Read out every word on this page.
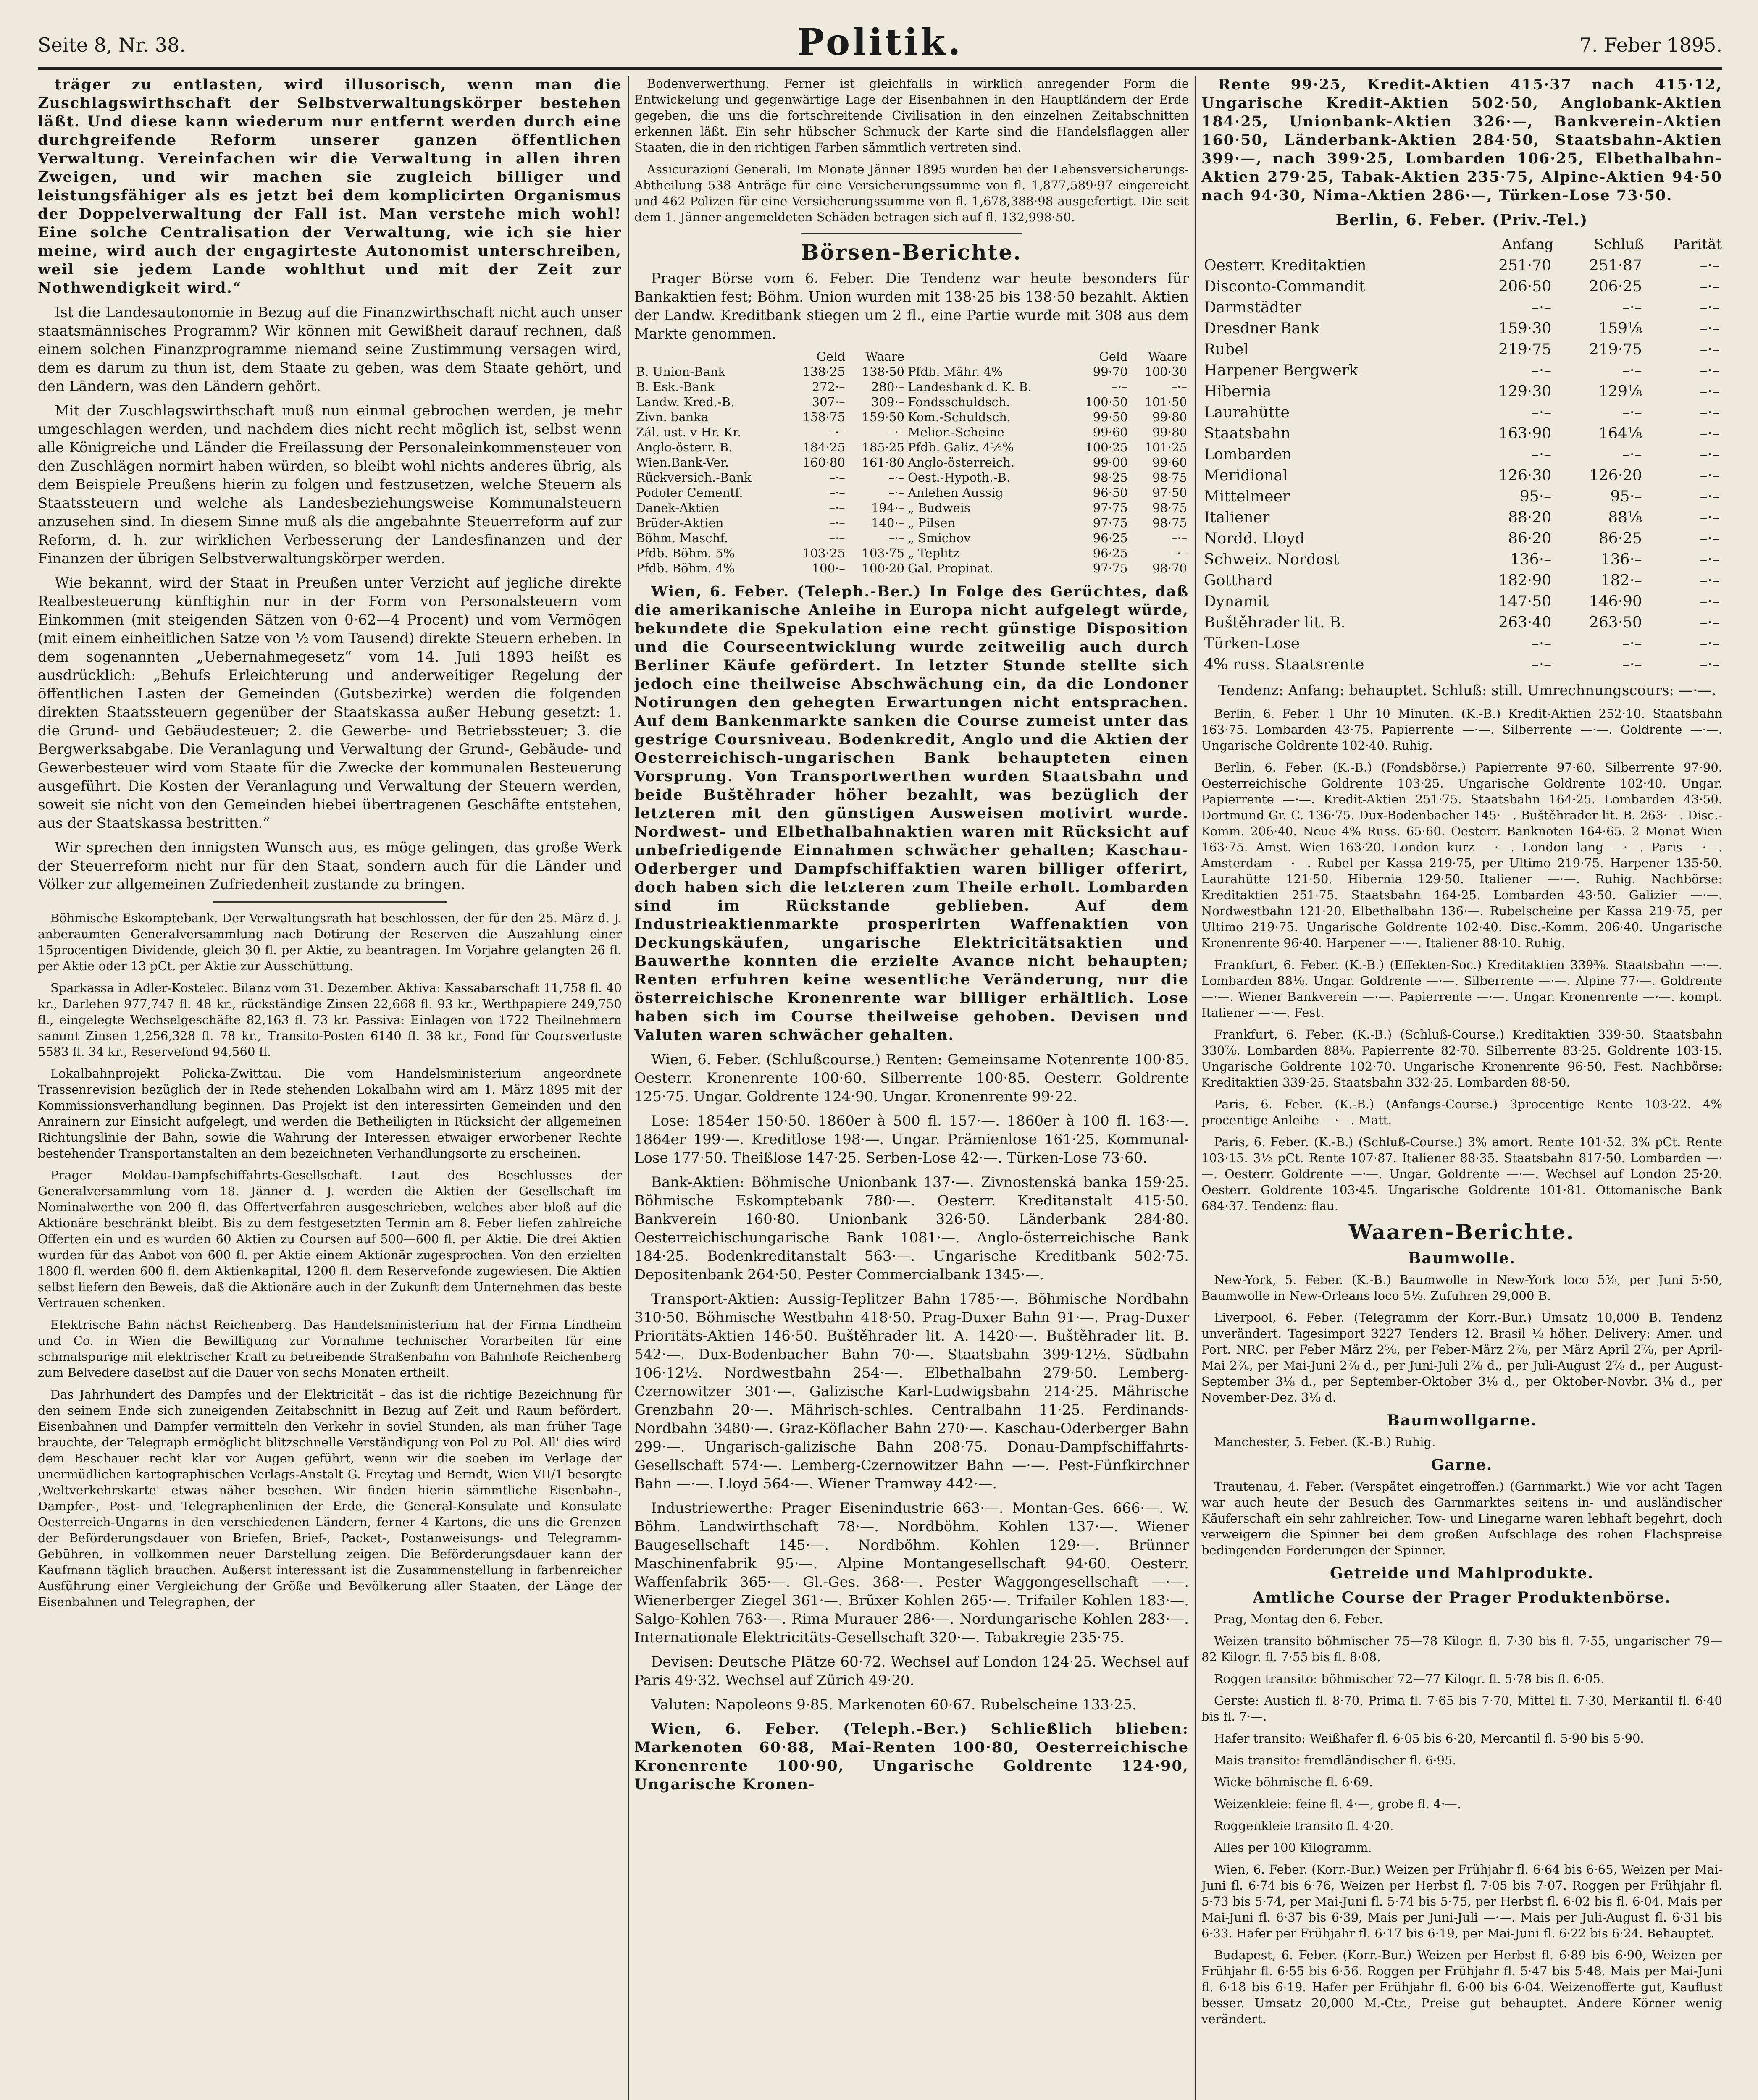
Seite 8, Nr. 38.	Politik.	7. Feber 1895.

träger zu entlasten, wird illusorisch, wenn man die Zuschlagswirthschaft der Selbstverwaltungskörper bestehen läßt. Und diese kann wiederum nur entfernt werden durch eine durchgreifende Reform unserer ganzen öffentlichen Verwaltung. Vereinfachen wir die Verwaltung in allen ihren Zweigen, und wir machen sie zugleich billiger und leistungsfähiger als es jetzt bei dem komplicirten Organismus der Doppelverwaltung der Fall ist. Man verstehe mich wohl! Eine solche Centralisation der Verwaltung, wie ich sie hier meine, wird auch der engagirteste Autonomist unterschreiben, weil sie jedem Lande wohlthut und mit der Zeit zur Nothwendigkeit wird.“

Ist die Landesautonomie in Bezug auf die Finanzwirthschaft nicht auch unser staatsmännisches Programm? Wir können mit Gewißheit darauf rechnen, daß einem solchen Finanzprogramme niemand seine Zustimmung versagen wird, dem es darum zu thun ist, dem Staate zu geben, was dem Staate gehört, und den Ländern, was den Ländern gehört.

Mit der Zuschlagswirthschaft muß nun einmal gebrochen werden, je mehr umgeschlagen werden, und nachdem dies nicht recht möglich ist, selbst wenn alle Königreiche und Länder die Freilassung der Personaleinkommensteuer von den Zuschlägen normirt haben würden, so bleibt wohl nichts anderes übrig, als dem Beispiele Preußens hierin zu folgen und festzusetzen, welche Steuern als Staatssteuern und welche als Landesbeziehungsweise Kommunalsteuern anzusehen sind. In diesem Sinne muß als die angebahnte Steuerreform auf zur Reform, d. h. zur wirklichen Verbesserung der Landesfinanzen und der Finanzen der übrigen Selbstverwaltungskörper werden.

Wie bekannt, wird der Staat in Preußen unter Verzicht auf jegliche direkte Realbesteuerung künftighin nur in der Form von Personalsteuern vom Einkommen (mit steigenden Sätzen von 0·62—4 Procent) und vom Vermögen (mit einem einheitlichen Satze von ½ vom Tausend) direkte Steuern erheben. In dem sogenannten „Uebernahmegesetz“ vom 14. Juli 1893 heißt es ausdrücklich: „Behufs Erleichterung und anderweitiger Regelung der öffentlichen Lasten der Gemeinden (Gutsbezirke) werden die folgenden direkten Staatssteuern gegenüber der Staatskassa außer Hebung gesetzt: 1. die Grund- und Gebäudesteuer; 2. die Gewerbe- und Betriebssteuer; 3. die Bergwerksabgabe. Die Veranlagung und Verwaltung der Grund-, Gebäude- und Gewerbesteuer wird vom Staate für die Zwecke der kommunalen Besteuerung ausgeführt. Die Kosten der Veranlagung und Verwaltung der Steuern werden, soweit sie nicht von den Gemeinden hiebei übertragenen Geschäfte entstehen, aus der Staatskassa bestritten.“

Wir sprechen den innigsten Wunsch aus, es möge gelingen, das große Werk der Steuerreform nicht nur für den Staat, sondern auch für die Länder und Völker zur allgemeinen Zufriedenheit zustande zu bringen.

Böhmische Eskomptebank. Der Verwaltungsrath hat beschlossen, der für den 25. März d. J. anberaumten Generalversammlung nach Dotirung der Reserven die Auszahlung einer 15procentigen Dividende, gleich 30 fl. per Aktie, zu beantragen. Im Vorjahre gelangten 26 fl. per Aktie oder 13 pCt. per Aktie zur Ausschüttung.

Sparkassa in Adler-Kostelec. Bilanz vom 31. Dezember. Aktiva: Kassabarschaft 11,758 fl. 40 kr., Darlehen 977,747 fl. 48 kr., rückständige Zinsen 22,668 fl. 93 kr., Werthpapiere 249,750 fl., eingelegte Wechselgeschäfte 82,163 fl. 73 kr. Passiva: Einlagen von 1722 Theilnehmern sammt Zinsen 1,256,328 fl. 78 kr., Transito-Posten 6140 fl. 38 kr., Fond für Coursverluste 5583 fl. 34 kr., Reservefond 94,560 fl.

Lokalbahnprojekt Policka-Zwittau. Die vom Handelsministerium angeordnete Trassenrevision bezüglich der in Rede stehenden Lokalbahn wird am 1. März 1895 mit der Kommissionsverhandlung beginnen. Das Projekt ist den interessirten Gemeinden und den Anrainern zur Einsicht aufgelegt, und werden die Betheiligten in Rücksicht der allgemeinen Richtungslinie der Bahn, sowie die Wahrung der Interessen etwaiger erworbener Rechte bestehender Transportanstalten an dem bezeichneten Verhandlungsorte zu erscheinen.

Prager Moldau-Dampfschiffahrts-Gesellschaft. Laut des Beschlusses der Generalversammlung vom 18. Jänner d. J. werden die Aktien der Gesellschaft im Nominalwerthe von 200 fl. das Offertverfahren ausgeschrieben, welches aber bloß auf die Aktionäre beschränkt bleibt. Bis zu dem festgesetzten Termin am 8. Feber liefen zahlreiche Offerten ein und es wurden 60 Aktien zu Coursen auf 500—600 fl. per Aktie. Die drei Aktien wurden für das Anbot von 600 fl. per Aktie einem Aktionär zugesprochen. Von den erzielten 1800 fl. werden 600 fl. dem Aktienkapital, 1200 fl. dem Reservefonde zugewiesen. Die Aktien selbst liefern den Beweis, daß die Aktionäre auch in der Zukunft dem Unternehmen das beste Vertrauen schenken.

Elektrische Bahn nächst Reichenberg. Das Handelsministerium hat der Firma Lindheim und Co. in Wien die Bewilligung zur Vornahme technischer Vorarbeiten für eine schmalspurige mit elektrischer Kraft zu betreibende Straßenbahn von Bahnhofe Reichenberg zum Belvedere daselbst auf die Dauer von sechs Monaten ertheilt.

Das Jahrhundert des Dampfes und der Elektricität – das ist die richtige Bezeichnung für den seinem Ende sich zuneigenden Zeitabschnitt in Bezug auf Zeit und Raum befördert. Eisenbahnen und Dampfer vermitteln den Verkehr in soviel Stunden, als man früher Tage brauchte, der Telegraph ermöglicht blitzschnelle Verständigung von Pol zu Pol. All' dies wird dem Beschauer recht klar vor Augen geführt, wenn wir die soeben im Verlage der unermüdlichen kartographischen Verlags-Anstalt G. Freytag und Berndt, Wien VII/1 besorgte ,Weltverkehrskarte' etwas näher besehen. Wir finden hierin sämmtliche Eisenbahn-, Dampfer-, Post- und Telegraphenlinien der Erde, die General-Konsulate und Konsulate Oesterreich-Ungarns in den verschiedenen Ländern, ferner 4 Kartons, die uns die Grenzen der Beförderungsdauer von Briefen, Brief-, Packet-, Postanweisungs- und Telegramm-Gebühren, in vollkommen neuer Darstellung zeigen. Die Beförderungsdauer kann der Kaufmann täglich brauchen. Außerst interessant ist die Zusammenstellung in farbenreicher Ausführung einer Vergleichung der Größe und Bevölkerung aller Staaten, der Länge der Eisenbahnen und Telegraphen, der

Bodenverwerthung. Ferner ist gleichfalls in wirklich anregender Form die Entwickelung und gegenwärtige Lage der Eisenbahnen in den Hauptländern der Erde gegeben, die uns die fortschreitende Civilisation in den einzelnen Zeitabschnitten erkennen läßt. Ein sehr hübscher Schmuck der Karte sind die Handelsflaggen aller Staaten, die in den richtigen Farben sämmtlich vertreten sind.

Assicurazioni Generali. Im Monate Jänner 1895 wurden bei der Lebensversicherungs-Abtheilung 538 Anträge für eine Versicherungssumme von fl. 1,877,589·97 eingereicht und 462 Polizen für eine Versicherungssumme von fl. 1,678,388·98 ausgefertigt. Die seit dem 1. Jänner angemeldeten Schäden betragen sich auf fl. 132,998·50.

Börsen-Berichte.

Prager Börse vom 6. Feber. Die Tendenz war heute besonders für Bankaktien fest; Böhm. Union wurden mit 138·25 bis 138·50 bezahlt. Aktien der Landw. Kreditbank stiegen um 2 fl., eine Partie wurde mit 308 aus dem Markte genommen.

	Geld	Waare		Geld	Waare
B. Union-Bank	138·25	138·50	Pfdb. Mähr. 4%	99·70	100·30
B. Esk.-Bank	272·–	280·–	Landesbank d. K. B.	–·–	–·–
Landw. Kred.-B.	307·–	309·–	Fondsschuldsch.	100·50	101·50
Zivn. banka	158·75	159·50	Kom.-Schuldsch.	99·50	99·80
Zál. ust. v Hr. Kr.	–·–	–·–	Melior.-Scheine	99·60	99·80
Anglo-österr. B.	184·25	185·25	Pfdb. Galiz. 4½%	100·25	101·25
Wien.Bank-Ver.	160·80	161·80	Anglo-österreich.	99·00	99·60
Rückversich.-Bank	–·–	–·–	Oest.-Hypoth.-B.	98·25	98·75
Podoler Cementf.	–·–	–·–	Anlehen Aussig	96·50	97·50
Danek-Aktien	–·–	194·–	„ Budweis	97·75	98·75
Brüder-Aktien	–·–	140·–	„ Pilsen	97·75	98·75
Böhm. Maschf.	–·–	–·–	„ Smichov	96·25	–·–
Pfdb. Böhm. 5%	103·25	103·75	„ Teplitz	96·25	–·–
Pfdb. Böhm. 4%	100·–	100·20	Gal. Propinat.	97·75	98·70

Wien, 6. Feber. (Teleph.-Ber.) In Folge des Gerüchtes, daß die amerikanische Anleihe in Europa nicht aufgelegt würde, bekundete die Spekulation eine recht günstige Disposition und die Courseentwicklung wurde zeitweilig auch durch Berliner Käufe gefördert. In letzter Stunde stellte sich jedoch eine theilweise Abschwächung ein, da die Londoner Notirungen den gehegten Erwartungen nicht entsprachen. Auf dem Bankenmarkte sanken die Course zumeist unter das gestrige Coursniveau. Bodenkredit, Anglo und die Aktien der Oesterreichisch-ungarischen Bank behaupteten einen Vorsprung. Von Transportwerthen wurden Staatsbahn und beide Buštěhrader höher bezahlt, was bezüglich der letzteren mit den günstigen Ausweisen motivirt wurde. Nordwest- und Elbethalbahnaktien waren mit Rücksicht auf unbefriedigende Einnahmen schwächer gehalten; Kaschau-Oderberger und Dampfschiffaktien waren billiger offerirt, doch haben sich die letzteren zum Theile erholt. Lombarden sind im Rückstande geblieben. Auf dem Industrieaktienmarkte prosperirten Waffenaktien von Deckungskäufen, ungarische Elektricitätsaktien und Bauwerthe konnten die erzielte Avance nicht behaupten; Renten erfuhren keine wesentliche Veränderung, nur die österreichische Kronenrente war billiger erhältlich. Lose haben sich im Course theilweise gehoben. Devisen und Valuten waren schwächer gehalten.

Wien, 6. Feber. (Schlußcourse.) Renten: Gemeinsame Notenrente 100·85. Oesterr. Kronenrente 100·60. Silberrente 100·85. Oesterr. Goldrente 125·75. Ungar. Goldrente 124·90. Ungar. Kronenrente 99·22.

Lose: 1854er 150·50. 1860er à 500 fl. 157·—. 1860er à 100 fl. 163·—. 1864er 199·—. Kreditlose 198·—. Ungar. Prämienlose 161·25. Kommunal-Lose 177·50. Theißlose 147·25. Serben-Lose 42·—. Türken-Lose 73·60.

Bank-Aktien: Böhmische Unionbank 137·—. Zivnostenská banka 159·25. Böhmische Eskomptebank 780·—. Oesterr. Kreditanstalt 415·50. Bankverein 160·80. Unionbank 326·50. Länderbank 284·80. Oesterreichischungarische Bank 1081·—. Anglo-österreichische Bank 184·25. Bodenkreditanstalt 563·—. Ungarische Kreditbank 502·75. Depositenbank 264·50. Pester Commercialbank 1345·—.

Transport-Aktien: Aussig-Teplitzer Bahn 1785·—. Böhmische Nordbahn 310·50. Böhmische Westbahn 418·50. Prag-Duxer Bahn 91·—. Prag-Duxer Prioritäts-Aktien 146·50. Buštěhrader lit. A. 1420·—. Buštěhrader lit. B. 542·—. Dux-Bodenbacher Bahn 70·—. Staatsbahn 399·12½. Südbahn 106·12½. Nordwestbahn 254·—. Elbethalbahn 279·50. Lemberg-Czernowitzer 301·—. Galizische Karl-Ludwigsbahn 214·25. Mährische Grenzbahn 20·—. Mährisch-schles. Centralbahn 11·25. Ferdinands-Nordbahn 3480·—. Graz-Köflacher Bahn 270·—. Kaschau-Oderberger Bahn 299·—. Ungarisch-galizische Bahn 208·75. Donau-Dampfschiffahrts-Gesellschaft 574·—. Lemberg-Czernowitzer Bahn —·—. Pest-Fünfkirchner Bahn —·—. Lloyd 564·—. Wiener Tramway 442·—.

Industriewerthe: Prager Eisenindustrie 663·—. Montan-Ges. 666·—. W. Böhm. Landwirthschaft 78·—. Nordböhm. Kohlen 137·—. Wiener Baugesellschaft 145·—. Nordböhm. Kohlen 129·—. Brünner Maschinenfabrik 95·—. Alpine Montangesellschaft 94·60. Oesterr. Waffenfabrik 365·—. Gl.-Ges. 368·—. Pester Waggongesellschaft —·—. Wienerberger Ziegel 361·—. Brüxer Kohlen 265·—. Trifailer Kohlen 183·—. Salgo-Kohlen 763·—. Rima Murauer 286·—. Nordungarische Kohlen 283·—. Internationale Elektricitäts-Gesellschaft 320·—. Tabakregie 235·75.

Devisen: Deutsche Plätze 60·72. Wechsel auf London 124·25. Wechsel auf Paris 49·32. Wechsel auf Zürich 49·20.

Valuten: Napoleons 9·85. Markenoten 60·67. Rubelscheine 133·25.

Wien, 6. Feber. (Teleph.-Ber.) Schließlich blieben: Markenoten 60·88, Mai-Renten 100·80, Oesterreichische Kronenrente 100·90, Ungarische Goldrente 124·90, Ungarische Kronen-

Rente 99·25, Kredit-Aktien 415·37 nach 415·12, Ungarische Kredit-Aktien 502·50, Anglobank-Aktien 184·25, Unionbank-Aktien 326·—, Bankverein-Aktien 160·50, Länderbank-Aktien 284·50, Staatsbahn-Aktien 399·—, nach 399·25, Lombarden 106·25, Elbethalbahn-Aktien 279·25, Tabak-Aktien 235·75, Alpine-Aktien 94·50 nach 94·30, Nima-Aktien 286·—, Türken-Lose 73·50.

Berlin, 6. Feber. (Priv.-Tel.)
	Anfang	Schluß	Parität
Oesterr. Kreditaktien	251·70	251·87	–·–
Disconto-Commandit	206·50	206·25	–·–
Darmstädter	–·–	–·–	–·–
Dresdner Bank	159·30	159⅛	–·–
Rubel	219·75	219·75	–·–
Harpener Bergwerk	–·–	–·–	–·–
Hibernia	129·30	129⅛	–·–
Laurahütte	–·–	–·–	–·–
Staatsbahn	163·90	164⅛	–·–
Lombarden	–·–	–·–	–·–
Meridional	126·30	126·20	–·–
Mittelmeer	95·–	95·–	–·–
Italiener	88·20	88⅛	–·–
Nordd. Lloyd	86·20	86·25	–·–
Schweiz. Nordost	136·–	136·–	–·–
Gotthard	182·90	182·–	–·–
Dynamit	147·50	146·90	–·–
Buštěhrader lit. B.	263·40	263·50	–·–
Türken-Lose	–·–	–·–	–·–
4% russ. Staatsrente	–·–	–·–	–·–

Tendenz: Anfang: behauptet. Schluß: still. Umrechnungscours: —·—.

Berlin, 6. Feber. 1 Uhr 10 Minuten. (K.-B.) Kredit-Aktien 252·10. Staatsbahn 163·75. Lombarden 43·75. Papierrente —·—. Silberrente —·—. Goldrente —·—. Ungarische Goldrente 102·40. Ruhig.

Berlin, 6. Feber. (K.-B.) (Fondsbörse.) Papierrente 97·60. Silberrente 97·90. Oesterreichische Goldrente 103·25. Ungarische Goldrente 102·40. Ungar. Papierrente —·—. Kredit-Aktien 251·75. Staatsbahn 164·25. Lombarden 43·50. Dortmund Gr. C. 136·75. Dux-Bodenbacher 145·—. Buštěhrader lit. B. 263·—. Disc.-Komm. 206·40. Neue 4% Russ. 65·60. Oesterr. Banknoten 164·65. 2 Monat Wien 163·75. Amst. Wien 163·20. London kurz —·—. London lang —·—. Paris —·—. Amsterdam —·—. Rubel per Kassa 219·75, per Ultimo 219·75. Harpener 135·50. Laurahütte 121·50. Hibernia 129·50. Italiener —·—. Ruhig. Nachbörse: Kreditaktien 251·75. Staatsbahn 164·25. Lombarden 43·50. Galizier —·—. Nordwestbahn 121·20. Elbethalbahn 136·—. Rubelscheine per Kassa 219·75, per Ultimo 219·75. Ungarische Goldrente 102·40. Disc.-Komm. 206·40. Ungarische Kronenrente 96·40. Harpener —·—. Italiener 88·10. Ruhig.

Frankfurt, 6. Feber. (K.-B.) (Effekten-Soc.) Kreditaktien 339⅜. Staatsbahn —·—. Lombarden 88⅛. Ungar. Goldrente —·—. Silberrente —·—. Alpine 77·—. Goldrente —·—. Wiener Bankverein —·—. Papierrente —·—. Ungar. Kronenrente —·—. kompt. Italiener —·—. Fest.

Frankfurt, 6. Feber. (K.-B.) (Schluß-Course.) Kreditaktien 339·50. Staatsbahn 330⅞. Lombarden 88⅛. Papierrente 82·70. Silberrente 83·25. Goldrente 103·15. Ungarische Goldrente 102·70. Ungarische Kronenrente 96·50. Fest. Nachbörse: Kreditaktien 339·25. Staatsbahn 332·25. Lombarden 88·50.

Paris, 6. Feber. (K.-B.) (Anfangs-Course.) 3procentige Rente 103·22. 4% procentige Anleihe —·—. Matt.

Paris, 6. Feber. (K.-B.) (Schluß-Course.) 3% amort. Rente 101·52. 3% pCt. Rente 103·15. 3½ pCt. Rente 107·87. Italiener 88·35. Staatsbahn 817·50. Lombarden —·—. Oesterr. Goldrente —·—. Ungar. Goldrente —·—. Wechsel auf London 25·20. Oesterr. Goldrente 103·45. Ungarische Goldrente 101·81. Ottomanische Bank 684·37. Tendenz: flau.

Waaren-Berichte.
Baumwolle.

New-York, 5. Feber. (K.-B.) Baumwolle in New-York loco 5⅝, per Juni 5·50, Baumwolle in New-Orleans loco 5⅛. Zufuhren 29,000 B.

Liverpool, 6. Feber. (Telegramm der Korr.-Bur.) Umsatz 10,000 B. Tendenz unverändert. Tagesimport 3227 Tenders 12. Brasil ⅛ höher. Delivery: Amer. und Port. NRC. per Feber März 2⅝, per Feber-März 2⅞, per März April 2⅞, per April-Mai 2⅞, per Mai-Juni 2⅞ d., per Juni-Juli 2⅞ d., per Juli-August 2⅞ d., per August-September 3⅛ d., per September-Oktober 3⅛ d., per Oktober-Novbr. 3⅛ d., per November-Dez. 3⅛ d.

Baumwollgarne.

Manchester, 5. Feber. (K.-B.) Ruhig.

Garne.

Trautenau, 4. Feber. (Verspätet eingetroffen.) (Garnmarkt.) Wie vor acht Tagen war auch heute der Besuch des Garnmarktes seitens in- und ausländischer Käuferschaft ein sehr zahlreicher. Tow- und Linegarne waren lebhaft begehrt, doch verweigern die Spinner bei dem großen Aufschlage des rohen Flachspreise bedingenden Forderungen der Spinner.

Getreide und Mahlprodukte.
Amtliche Course der Prager Produktenbörse.

Prag, Montag den 6. Feber.

Weizen transito böhmischer 75—78 Kilogr. fl. 7·30 bis fl. 7·55, ungarischer 79—82 Kilogr. fl. 7·55 bis fl. 8·08.

Roggen transito: böhmischer 72—77 Kilogr. fl. 5·78 bis fl. 6·05.

Gerste: Austich fl. 8·70, Prima fl. 7·65 bis 7·70, Mittel fl. 7·30, Merkantil fl. 6·40 bis fl. 7·—.

Hafer transito: Weißhafer fl. 6·05 bis 6·20, Mercantil fl. 5·90 bis 5·90.

Mais transito: fremdländischer fl. 6·95.

Wicke böhmische fl. 6·69.

Weizenkleie: feine fl. 4·—, grobe fl. 4·—.

Roggenkleie transito fl. 4·20.

Alles per 100 Kilogramm.

Wien, 6. Feber. (Korr.-Bur.) Weizen per Frühjahr fl. 6·64 bis 6·65, Weizen per Mai-Juni fl. 6·74 bis 6·76, Weizen per Herbst fl. 7·05 bis 7·07. Roggen per Frühjahr fl. 5·73 bis 5·74, per Mai-Juni fl. 5·74 bis 5·75, per Herbst fl. 6·02 bis fl. 6·04. Mais per Mai-Juni fl. 6·37 bis 6·39, Mais per Juni-Juli —·—. Mais per Juli-August fl. 6·31 bis 6·33. Hafer per Frühjahr fl. 6·17 bis 6·19, per Mai-Juni fl. 6·22 bis 6·24. Behauptet.

Budapest, 6. Feber. (Korr.-Bur.) Weizen per Herbst fl. 6·89 bis 6·90, Weizen per Frühjahr fl. 6·55 bis 6·56. Roggen per Frühjahr fl. 5·47 bis 5·48. Mais per Mai-Juni fl. 6·18 bis 6·19. Hafer per Frühjahr fl. 6·00 bis 6·04. Weizenofferte gut, Kauflust besser. Umsatz 20,000 M.-Ctr., Preise gut behauptet. Andere Körner wenig verändert.
